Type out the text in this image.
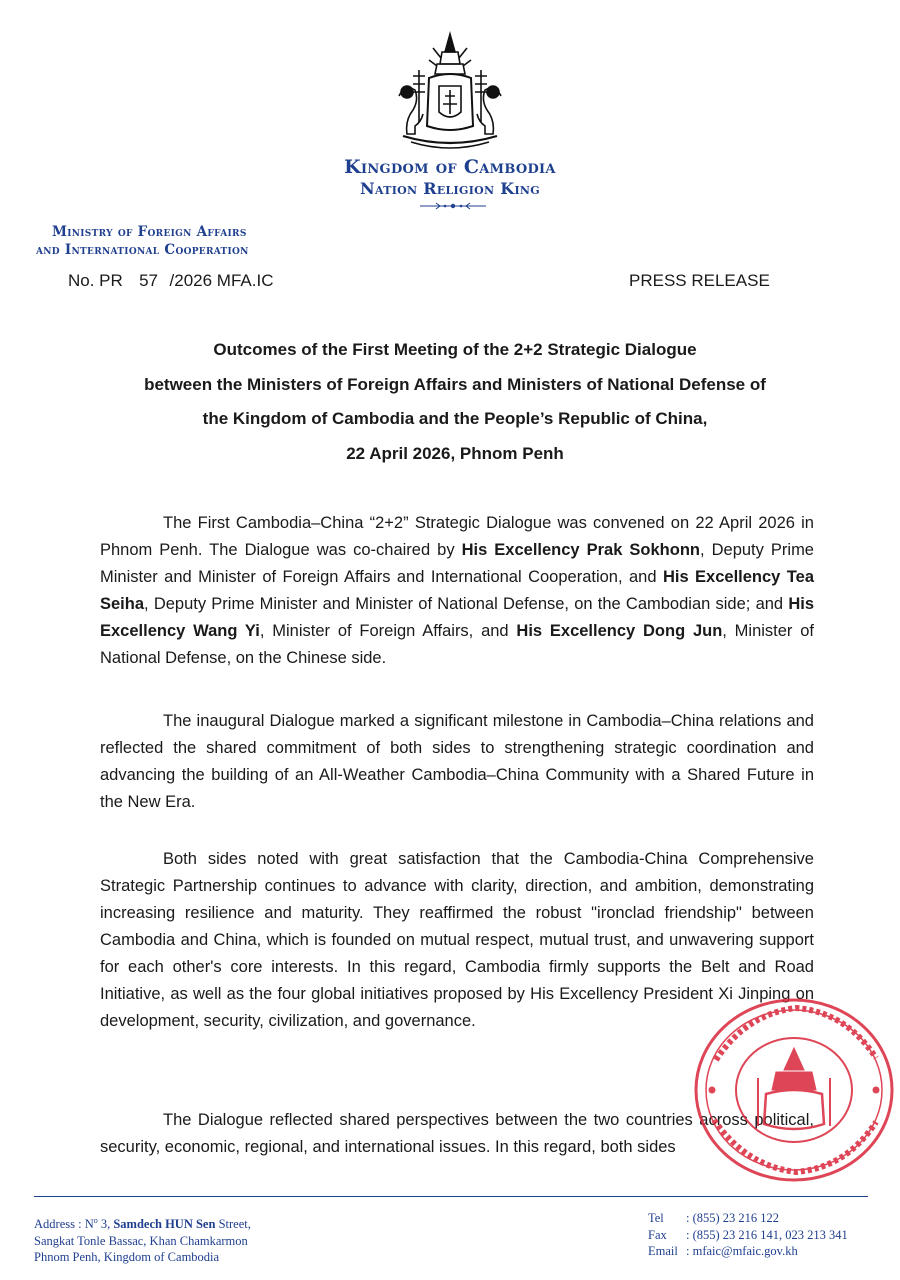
Kingdom of Cambodia
Nation Religion King
Ministry of Foreign Affairs
and International Cooperation
No. PR 57 /2026 MFA.IC	PRESS RELEASE
Outcomes of the First Meeting of the 2+2 Strategic Dialogue
between the Ministers of Foreign Affairs and Ministers of National Defense of
the Kingdom of Cambodia and the People’s Republic of China,
22 April 2026, Phnom Penh

The First Cambodia–China “2+2” Strategic Dialogue was convened on 22 April 2026 in Phnom Penh. The Dialogue was co-chaired by His Excellency Prak Sokhonn, Deputy Prime Minister and Minister of Foreign Affairs and International Cooperation, and His Excellency Tea Seiha, Deputy Prime Minister and Minister of National Defense, on the Cambodian side; and His Excellency Wang Yi, Minister of Foreign Affairs, and His Excellency Dong Jun, Minister of National Defense, on the Chinese side.

The inaugural Dialogue marked a significant milestone in Cambodia–China relations and reflected the shared commitment of both sides to strengthening strategic coordination and advancing the building of an All-Weather Cambodia–China Community with a Shared Future in the New Era.

Both sides noted with great satisfaction that the Cambodia-China Comprehensive Strategic Partnership continues to advance with clarity, direction, and ambition, demonstrating increasing resilience and maturity. They reaffirmed the robust "ironclad friendship" between Cambodia and China, which is founded on mutual respect, mutual trust, and unwavering support for each other's core interests. In this regard, Cambodia firmly supports the Belt and Road Initiative, as well as the four global initiatives proposed by His Excellency President Xi Jinping on development, security, civilization, and governance.

The Dialogue reflected shared perspectives between the two countries across political, security, economic, regional, and international issues. In this regard, both sides

Address : $N^o$ 3, Samdech HUN Sen Street,
Sangkat Tonle Bassac, Khan Chamkarmon
Phnom Penh, Kingdom of Cambodia
Tel : (855) 23 216 122
Fax : (855) 23 216 141, 023 213 341
Email : mfaic@mfaic.gov.kh
